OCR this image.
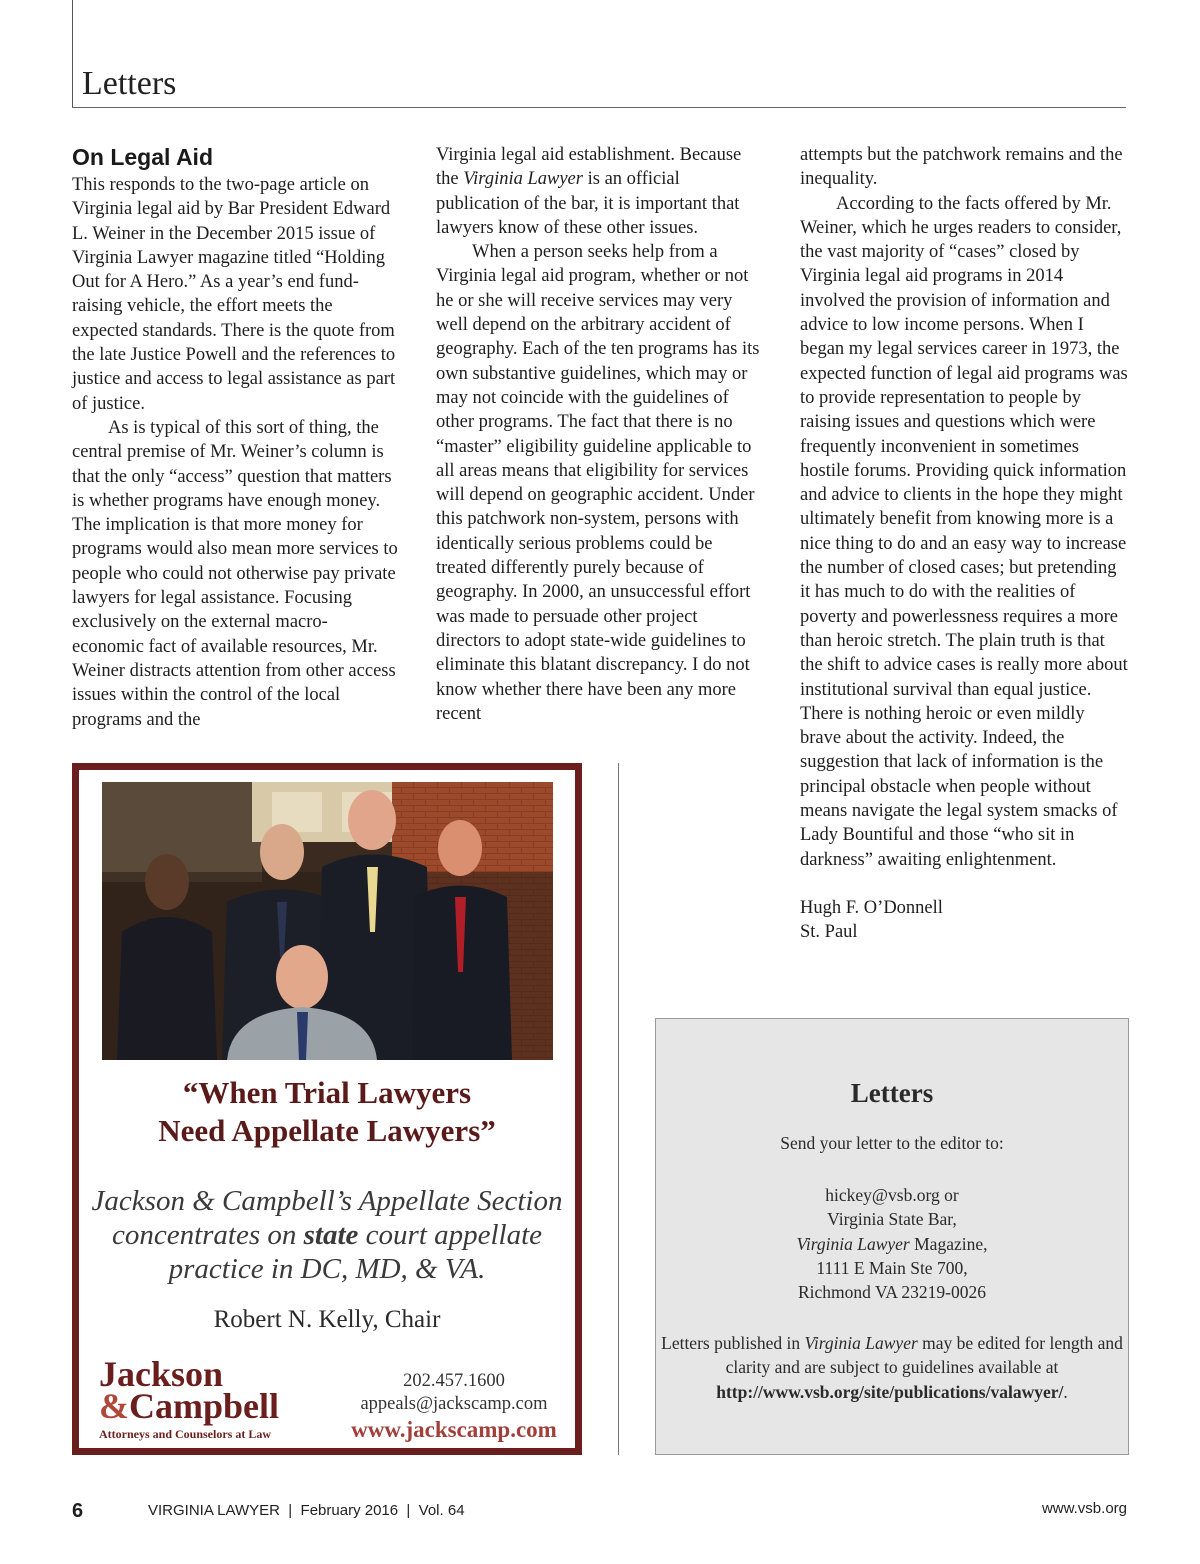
Letters
On Legal Aid

This responds to the two-page article on Virginia legal aid by Bar President Edward L. Weiner in the December 2015 issue of Virginia Lawyer magazine titled “Holding Out for A Hero.” As a year’s end fund-raising vehicle, the effort meets the expected standards. There is the quote from the late Justice Powell and the references to justice and access to legal assistance as part of justice.

As is typical of this sort of thing, the central premise of Mr. Weiner’s column is that the only “access” question that matters is whether programs have enough money. The implication is that more money for programs would also mean more services to people who could not otherwise pay private lawyers for legal assistance. Focusing exclusively on the external macro-economic fact of available resources, Mr. Weiner distracts attention from other access issues within the control of the local programs and the

Virginia legal aid establishment. Because the Virginia Lawyer is an official publication of the bar, it is important that lawyers know of these other issues.

When a person seeks help from a Virginia legal aid program, whether or not he or she will receive services may very well depend on the arbitrary accident of geography. Each of the ten programs has its own substantive guidelines, which may or may not coincide with the guidelines of other programs. The fact that there is no “master” eligibility guideline applicable to all areas means that eligibility for services will depend on geographic accident. Under this patchwork non-system, persons with identically serious problems could be treated differently purely because of geography. In 2000, an unsuccessful effort was made to persuade other project directors to adopt state-wide guidelines to eliminate this blatant discrepancy. I do not know whether there have been any more recent

attempts but the patchwork remains and the inequality.

According to the facts offered by Mr. Weiner, which he urges readers to consider, the vast majority of “cases” closed by Virginia legal aid programs in 2014 involved the provision of information and advice to low income persons. When I began my legal services career in 1973, the expected function of legal aid programs was to provide representation to people by raising issues and questions which were frequently inconvenient in sometimes hostile forums. Providing quick information and advice to clients in the hope they might ultimately benefit from knowing more is a nice thing to do and an easy way to increase the number of closed cases; but pretending it has much to do with the realities of poverty and powerlessness requires a more than heroic stretch. The plain truth is that the shift to advice cases is really more about institutional survival than equal justice. There is nothing heroic or even mildly brave about the activity. Indeed, the suggestion that lack of information is the principal obstacle when people without means navigate the legal system smacks of Lady Bountiful and those “who sit in darkness” awaiting enlightenment.

Hugh F. O’Donnell

St. Paul

“When Trial Lawyers
Need Appellate Lawyers”
Jackson & Campbell’s Appellate Section
concentrates on state court appellate
practice in DC, MD, & VA.
Robert N. Kelly, Chair
Jackson
&Campbell
Attorneys and Counselors at Law
202.457.1600
appeals@jackscamp.com
www.jackscamp.com
Letters
Send your letter to the editor to:
hickey@vsb.org or
Virginia State Bar,
Virginia Lawyer Magazine,
1111 E Main Ste 700,
Richmond VA 23219-0026
Letters published in Virginia Lawyer may be edited for length and clarity and are subject to guidelines available at
http://www.vsb.org/site/publications/valawyer/.
6	VIRGINIA LAWYER  |  February 2016  |  Vol. 64	www.vsb.org
